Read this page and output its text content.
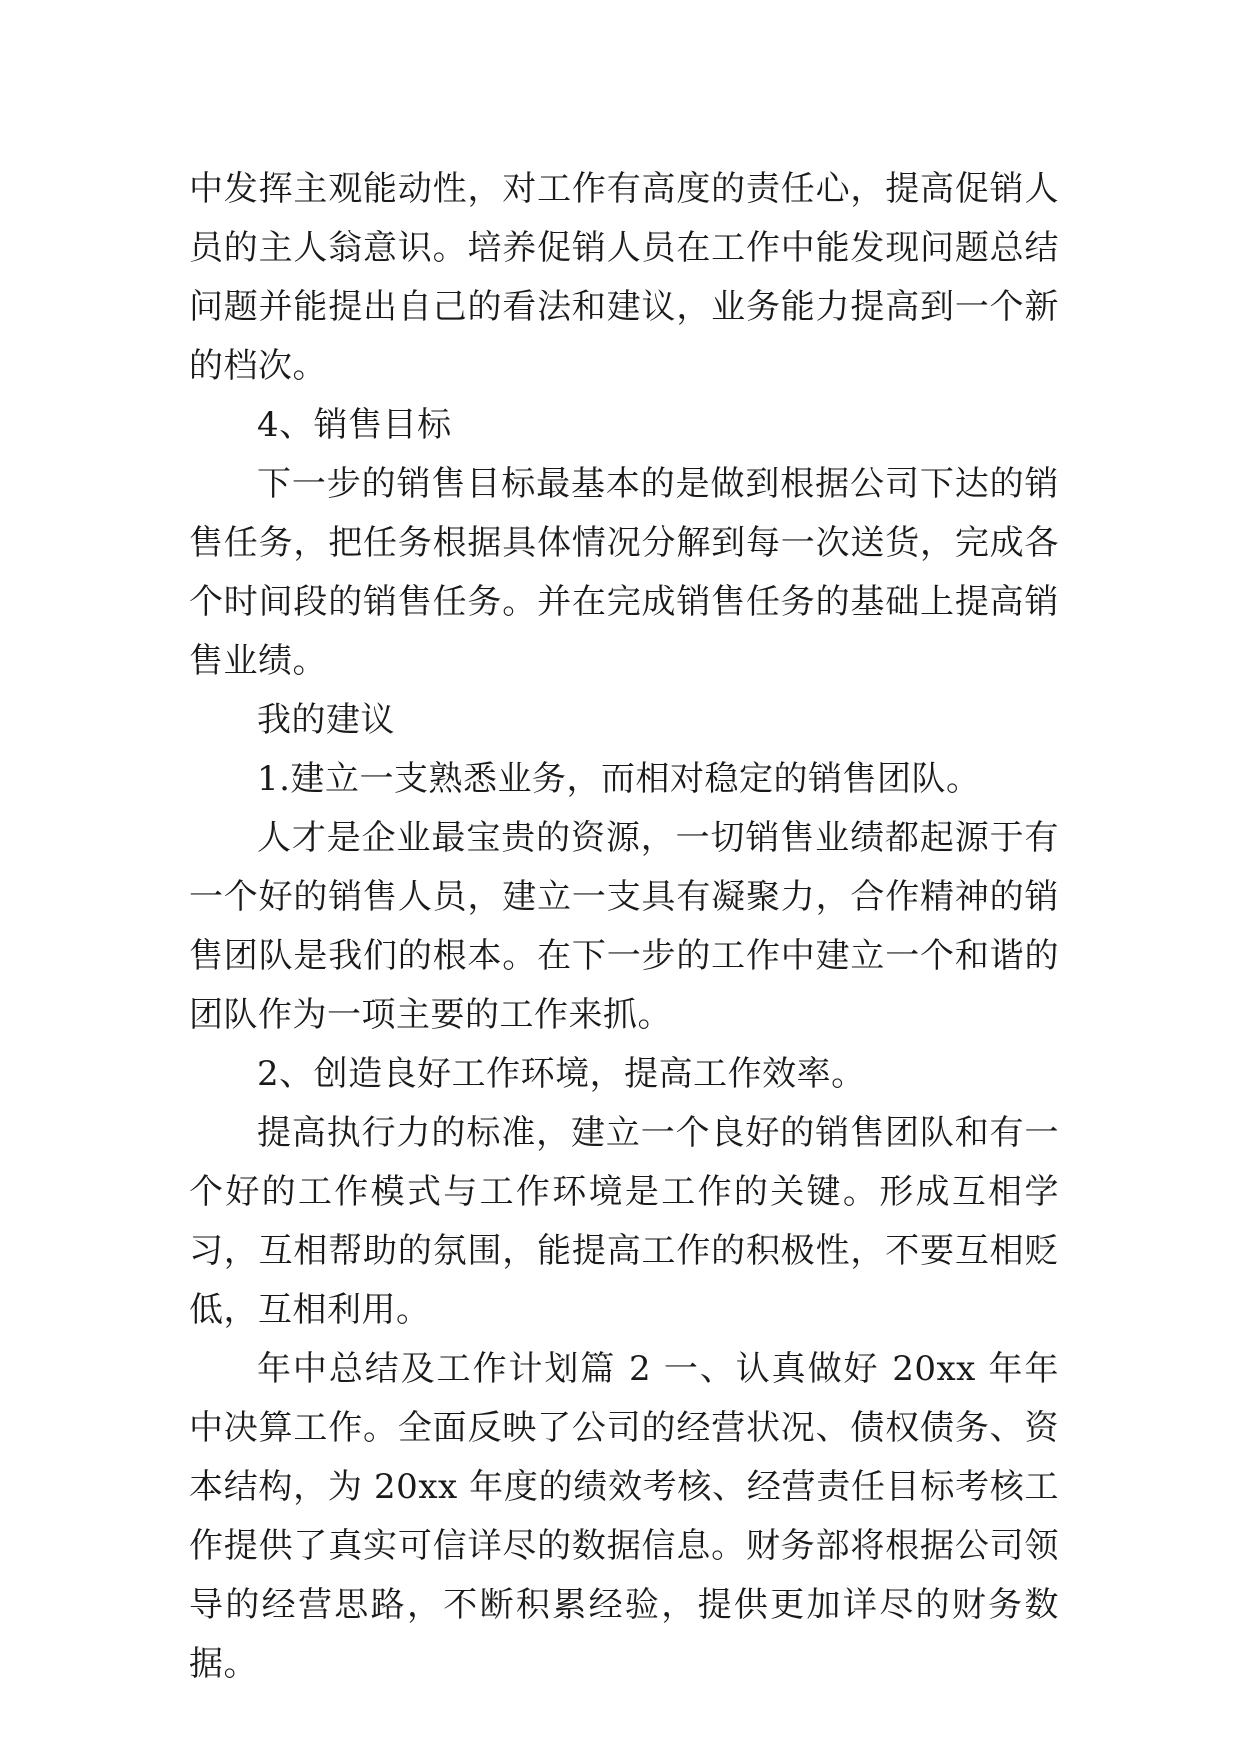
中发挥主观能动性，对工作有高度的责任心，提高促销人员的主人翁意识。培养促销人员在工作中能发现问题总结问题并能提出自己的看法和建议，业务能力提高到一个新的档次。

4、销售目标

下一步的销售目标最基本的是做到根据公司下达的销售任务，把任务根据具体情况分解到每一次送货，完成各个时间段的销售任务。并在完成销售任务的基础上提高销售业绩。

我的建议

1.建立一支熟悉业务，而相对稳定的销售团队。

人才是企业最宝贵的资源，一切销售业绩都起源于有一个好的销售人员，建立一支具有凝聚力，合作精神的销售团队是我们的根本。在下一步的工作中建立一个和谐的团队作为一项主要的工作来抓。

2、创造良好工作环境，提高工作效率。

提高执行力的标准，建立一个良好的销售团队和有一个好的工作模式与工作环境是工作的关键。形成互相学习，互相帮助的氛围，能提高工作的积极性，不要互相贬低，互相利用。

年中总结及工作计划篇 2 一、认真做好 20xx 年年中决算工作。全面反映了公司的经营状况、债权债务、资本结构，为 20xx 年度的绩效考核、经营责任目标考核工作提供了真实可信详尽的数据信息。财务部将根据公司领导的经营思路，不断积累经验，提供更加详尽的财务数据。
